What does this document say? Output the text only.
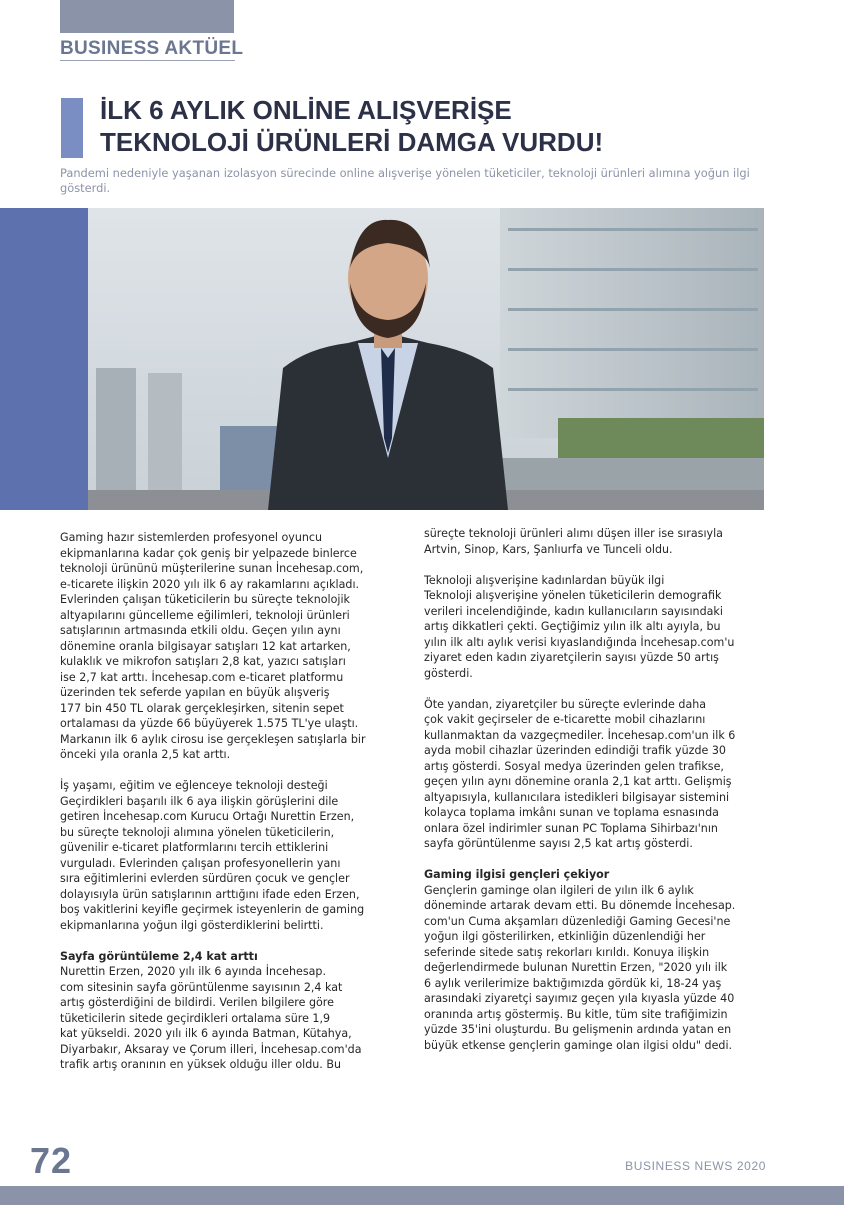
BUSINESS AKTÜEL
İLK 6 AYLIK ONLİNE ALIŞVERİŞE
TEKNOLOJİ ÜRÜNLERİ DAMGA VURDU!

Pandemi nedeniyle yaşanan izolasyon sürecinde online alışverişe yönelen tüketiciler, teknoloji ürünleri alımına yoğun ilgi gösterdi.

Gaming hazır sistemlerden profesyonel oyuncu
ekipmanlarına kadar çok geniş bir yelpazede binlerce
teknoloji ürününü müşterilerine sunan İncehesap.com,
e-ticarete ilişkin 2020 yılı ilk 6 ay rakamlarını açıkladı.
Evlerinden çalışan tüketicilerin bu süreçte teknolojik
altyapılarını güncelleme eğilimleri, teknoloji ürünleri
satışlarının artmasında etkili oldu. Geçen yılın aynı
dönemine oranla bilgisayar satışları 12 kat artarken,
kulaklık ve mikrofon satışları 2,8 kat, yazıcı satışları
ise 2,7 kat arttı. İncehesap.com e-ticaret platformu
üzerinden tek seferde yapılan en büyük alışveriş
177 bin 450 TL olarak gerçekleşirken, sitenin sepet
ortalaması da yüzde 66 büyüyerek 1.575 TL'ye ulaştı.
Markanın ilk 6 aylık cirosu ise gerçekleşen satışlarla bir
önceki yıla oranla 2,5 kat arttı.

İş yaşamı, eğitim ve eğlenceye teknoloji desteği
Geçirdikleri başarılı ilk 6 aya ilişkin görüşlerini dile
getiren İncehesap.com Kurucu Ortağı Nurettin Erzen,
bu süreçte teknoloji alımına yönelen tüketicilerin,
güvenilir e-ticaret platformlarını tercih ettiklerini
vurguladı. Evlerinden çalışan profesyonellerin yanı
sıra eğitimlerini evlerden sürdüren çocuk ve gençler
dolayısıyla ürün satışlarının arttığını ifade eden Erzen,
boş vakitlerini keyifle geçirmek isteyenlerin de gaming
ekipmanlarına yoğun ilgi gösterdiklerini belirtti.

Sayfa görüntüleme 2,4 kat arttı

Nurettin Erzen, 2020 yılı ilk 6 ayında İncehesap.
com sitesinin sayfa görüntülenme sayısının 2,4 kat
artış gösterdiğini de bildirdi. Verilen bilgilere göre
tüketicilerin sitede geçirdikleri ortalama süre 1,9
kat yükseldi. 2020 yılı ilk 6 ayında Batman, Kütahya,
Diyarbakır, Aksaray ve Çorum illeri, İncehesap.com'da
trafik artış oranının en yüksek olduğu iller oldu. Bu

süreçte teknoloji ürünleri alımı düşen iller ise sırasıyla
Artvin, Sinop, Kars, Şanlıurfa ve Tunceli oldu.

Teknoloji alışverişine kadınlardan büyük ilgi
Teknoloji alışverişine yönelen tüketicilerin demografik
verileri incelendiğinde, kadın kullanıcıların sayısındaki
artış dikkatleri çekti. Geçtiğimiz yılın ilk altı ayıyla, bu
yılın ilk altı aylık verisi kıyaslandığında İncehesap.com'u
ziyaret eden kadın ziyaretçilerin sayısı yüzde 50 artış
gösterdi.

Öte yandan, ziyaretçiler bu süreçte evlerinde daha
çok vakit geçirseler de e-ticarette mobil cihazlarını
kullanmaktan da vazgeçmediler. İncehesap.com'un ilk 6
ayda mobil cihazlar üzerinden edindiği trafik yüzde 30
artış gösterdi. Sosyal medya üzerinden gelen trafikse,
geçen yılın aynı dönemine oranla 2,1 kat arttı. Gelişmiş
altyapısıyla, kullanıcılara istedikleri bilgisayar sistemini
kolayca toplama imkânı sunan ve toplama esnasında
onlara özel indirimler sunan PC Toplama Sihirbazı'nın
sayfa görüntülenme sayısı 2,5 kat artış gösterdi.

Gaming ilgisi gençleri çekiyor

Gençlerin gaminge olan ilgileri de yılın ilk 6 aylık
döneminde artarak devam etti. Bu dönemde İncehesap.
com'un Cuma akşamları düzenlediği Gaming Gecesi'ne
yoğun ilgi gösterilirken, etkinliğin düzenlendiği her
seferinde sitede satış rekorları kırıldı. Konuya ilişkin
değerlendirmede bulunan Nurettin Erzen, "2020 yılı ilk
6 aylık verilerimize baktığımızda gördük ki, 18-24 yaş
arasındaki ziyaretçi sayımız geçen yıla kıyasla yüzde 40
oranında artış göstermiş. Bu kitle, tüm site trafiğimizin
yüzde 35'ini oluşturdu. Bu gelişmenin ardında yatan en
büyük etkense gençlerin gaminge olan ilgisi oldu" dedi.

72	BUSINESS NEWS 2020
